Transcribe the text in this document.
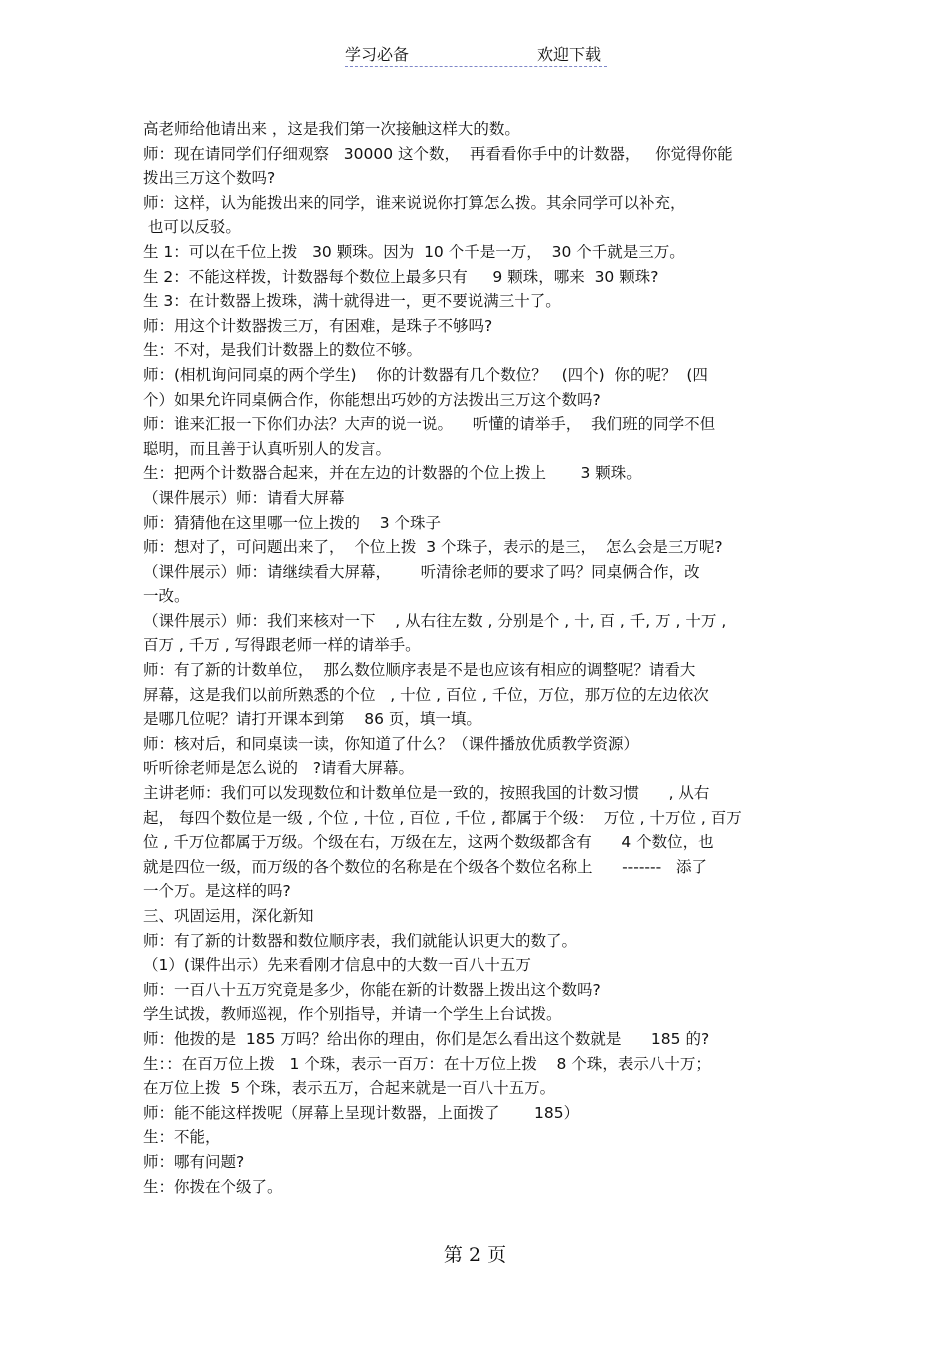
学习必备	欢迎下载
高老师给他请出来 ，这是我们第一次接触这样大的数。
师：现在请同学们仔细观察   30000 这个数，  再看看你手中的计数器，   你觉得你能
拨出三万这个数吗?
师：这样，认为能拨出来的同学，谁来说说你打算怎么拨。其余同学可以补充，
也可以反驳。
生 1：可以在千位上拨   30 颗珠。因为  10 个千是一万，  30 个千就是三万。
生 2：不能这样拨，计数器每个数位上最多只有     9 颗珠，哪来  30 颗珠?
生 3：在计数器上拨珠，满十就得进一，更不要说满三十了。
师：用这个计数器拨三万，有困难，是珠子不够吗?
生：不对，是我们计数器上的数位不够。
师：(相机询问同桌的两个学生)    你的计数器有几个数位？   (四个)  你的呢？  (四
个）如果允许同桌俩合作，你能想出巧妙的方法拨出三万这个数吗?
师：谁来汇报一下你们办法？大声的说一说。    听懂的请举手，  我们班的同学不但
聪明，而且善于认真听别人的发言。
生：把两个计数器合起来，并在左边的计数器的个位上拨上       3 颗珠。
（课件展示）师：请看大屏幕
师：猜猜他在这里哪一位上拨的    3 个珠子
师：想对了，可问题出来了，  个位上拨  3 个珠子，表示的是三，  怎么会是三万呢?
（课件展示）师：请继续看大屏幕，      听清徐老师的要求了吗？同桌俩合作，改
一改。
（课件展示）师：我们来核对一下    , 从右往左数 , 分别是个 , 十, 百 , 千, 万 , 十万 ,
百万 , 千万 , 写得跟老师一样的请举手。
师：有了新的计数单位，  那么数位顺序表是不是也应该有相应的调整呢？请看大
屏幕，这是我们以前所熟悉的个位   , 十位 , 百位 , 千位，万位，那万位的左边依次
是哪几位呢？请打开课本到第    86 页，填一填。
师：核对后，和同桌读一读，你知道了什么？（课件播放优质教学资源）
听听徐老师是怎么说的   ?请看大屏幕。
主讲老师：我们可以发现数位和计数单位是一致的，按照我国的计数习惯      , 从右
起， 每四个数位是一级 , 个位 , 十位 , 百位 , 千位 , 都属于个级：  万位 , 十万位 , 百万
位 , 千万位都属于万级。个级在右，万级在左，这两个数级都含有      4 个数位，也
就是四位一级，而万级的各个数位的名称是在个级各个数位名称上      -------   添了
一个万。是这样的吗?
三、巩固运用，深化新知
师：有了新的计数器和数位顺序表，我们就能认识更大的数了。
（1）(课件出示）先来看刚才信息中的大数一百八十五万
师：一百八十五万究竟是多少，你能在新的计数器上拨出这个数吗?
学生试拨，教师巡视，作个别指导，并请一个学生上台试拨。
师：他拨的是  185 万吗？给出你的理由，你们是怎么看出这个数就是      185 的?
生：：在百万位上拨   1 个珠，表示一百万：在十万位上拨    8 个珠，表示八十万；
在万位上拨  5 个珠，表示五万，合起来就是一百八十五万。
师：能不能这样拨呢（屏幕上呈现计数器，上面拨了       185）
生：不能，
师：哪有问题?
生：你拨在个级了。
第 2 页
